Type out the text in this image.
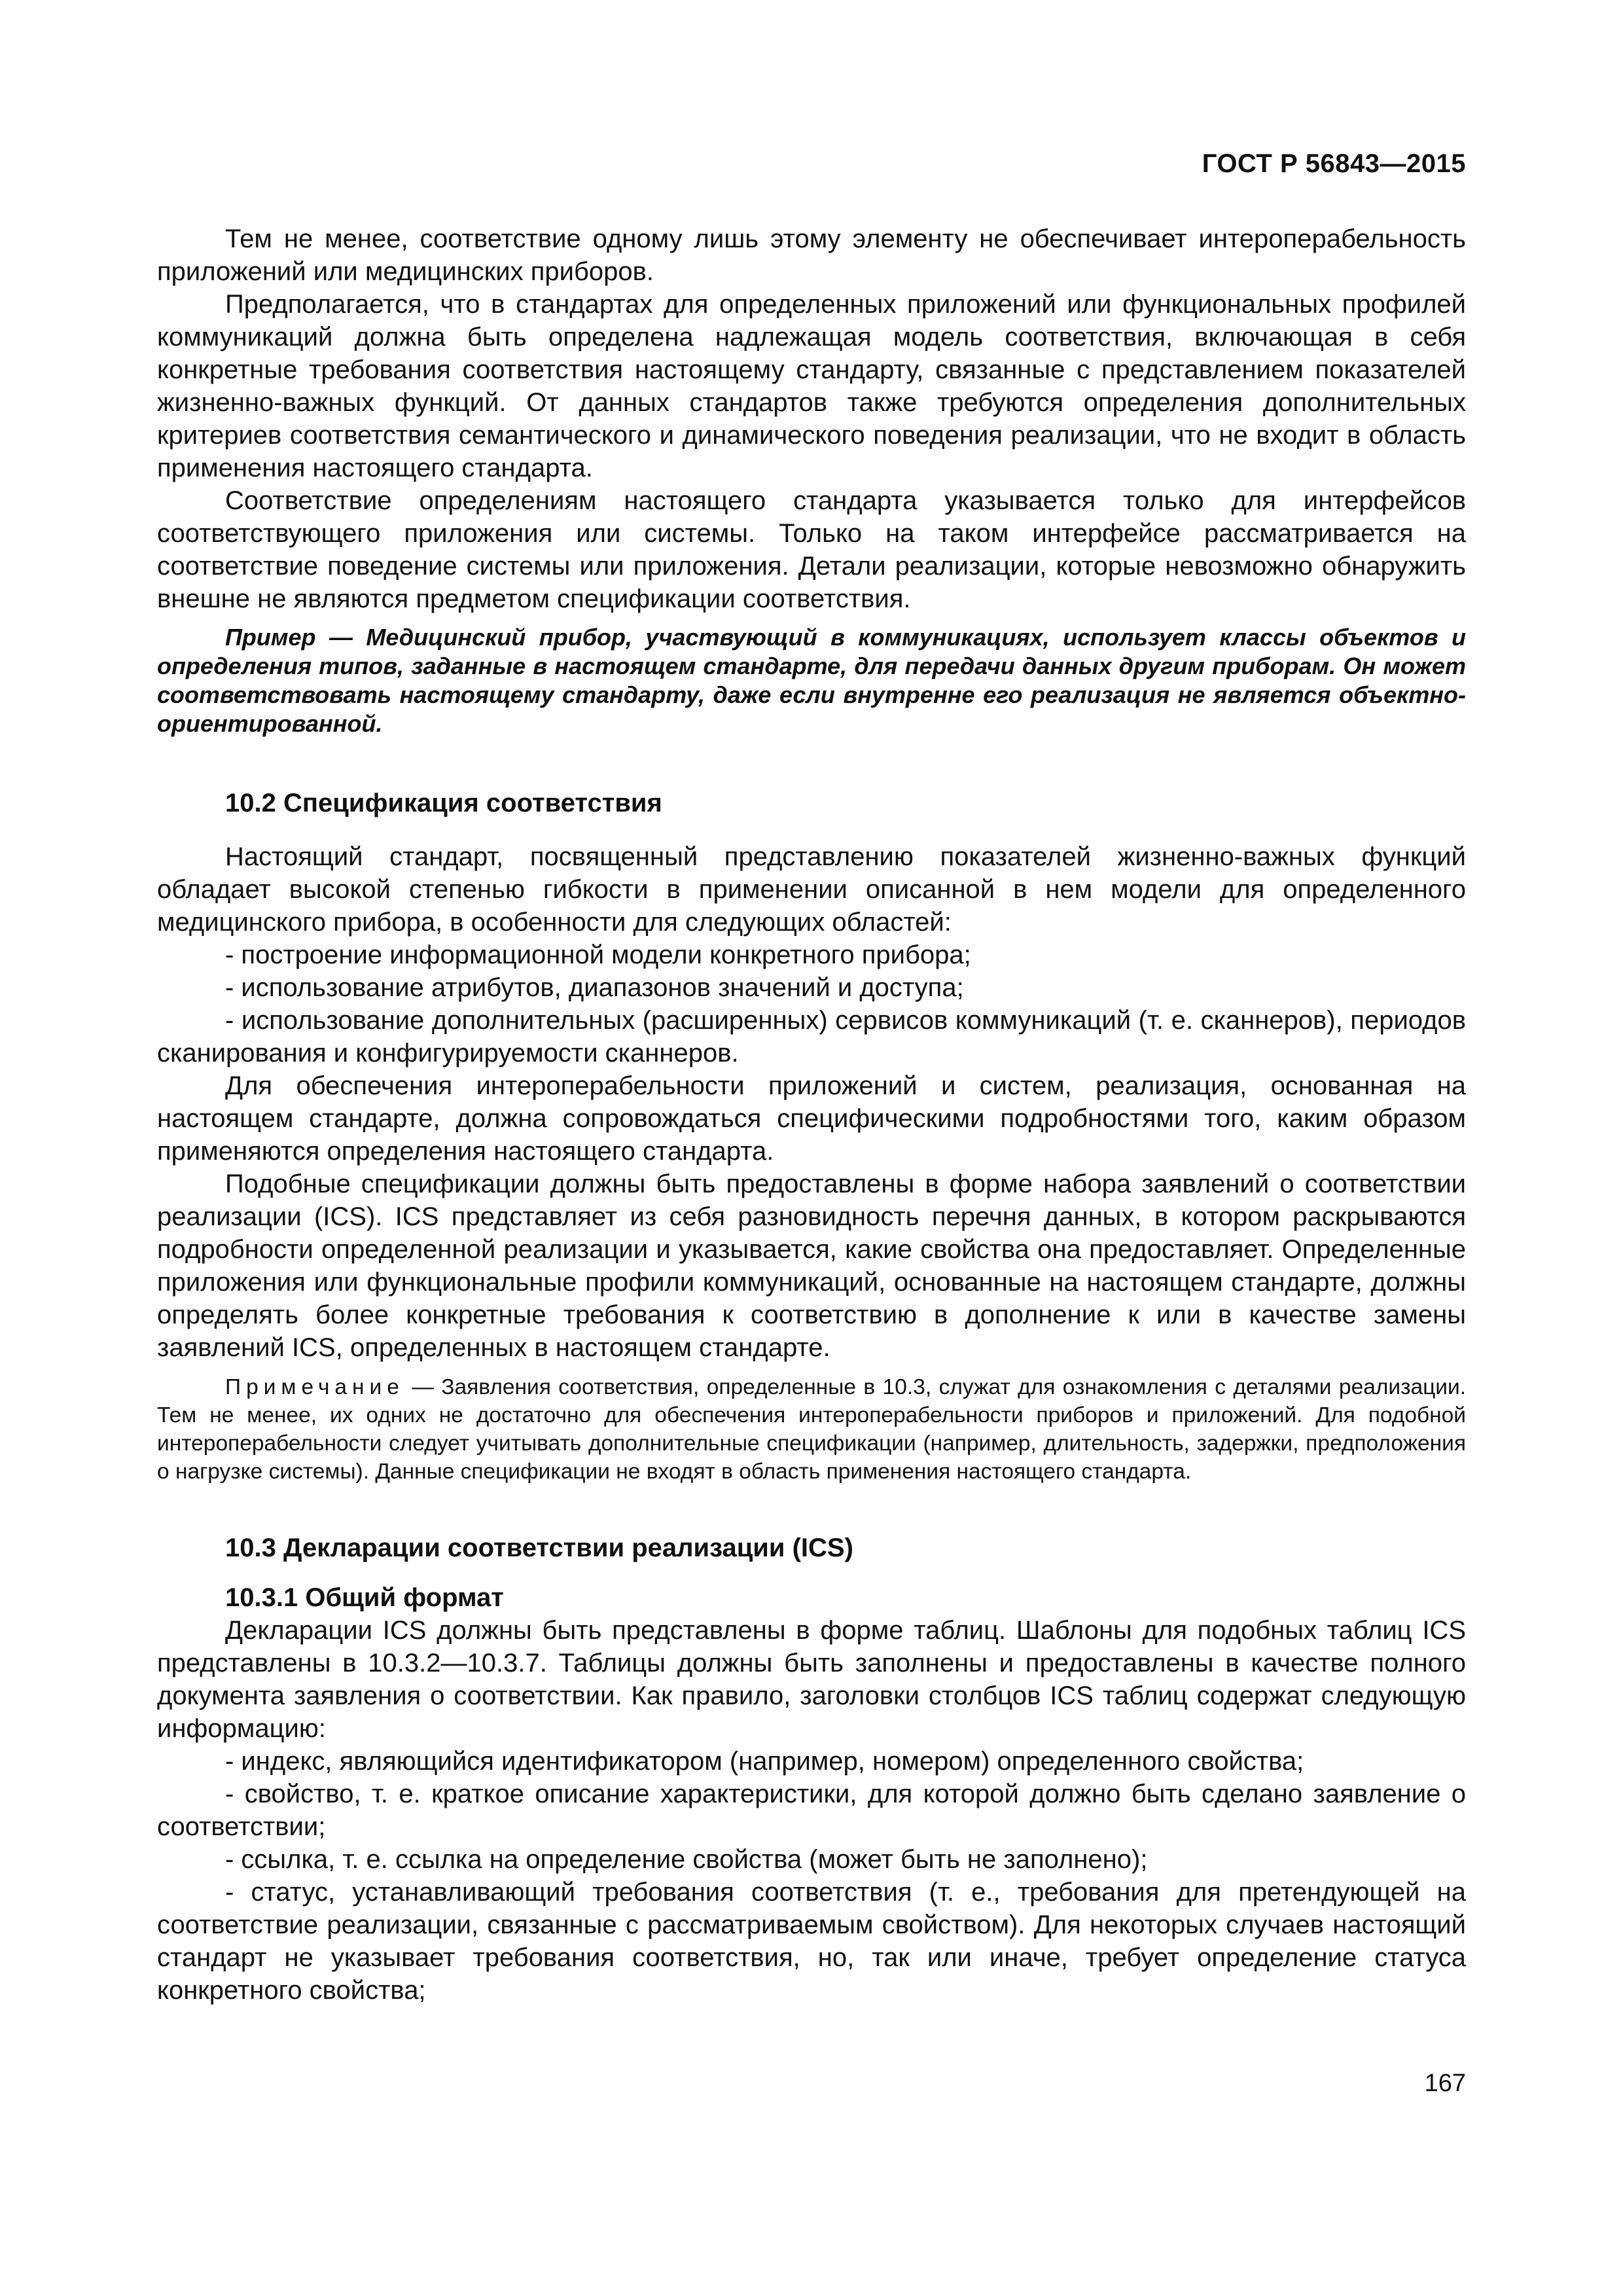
ГОСТ Р 56843—2015

Тем не менее, соответствие одному лишь этому элементу не обеспечивает интероперабельность приложений или медицинских приборов.

Предполагается, что в стандартах для определенных приложений или функциональных профилей коммуникаций должна быть определена надлежащая модель соответствия, включающая в себя конкретные требования соответствия настоящему стандарту, связанные с представлением показателей жизненно-важных функций. От данных стандартов также требуются определения дополнительных критериев соответствия семантического и динамического поведения реализации, что не входит в область применения настоящего стандарта.

Соответствие определениям настоящего стандарта указывается только для интерфейсов соответствующего приложения или системы. Только на таком интерфейсе рассматривается на соответствие поведение системы или приложения. Детали реализации, которые невозможно обнаружить внешне не являются предметом спецификации соответствия.

Пример — Медицинский прибор, участвующий в коммуникациях, использует классы объектов и определения типов, заданные в настоящем стандарте, для передачи данных другим приборам. Он может соответствовать настоящему стандарту, даже если внутренне его реализация не является объектно-ориентированной.

10.2 Спецификация соответствия

Настоящий стандарт, посвященный представлению показателей жизненно-важных функций обладает высокой степенью гибкости в применении описанной в нем модели для определенного медицинского прибора, в особенности для следующих областей:

- построение информационной модели конкретного прибора;

- использование атрибутов, диапазонов значений и доступа;

- использование дополнительных (расширенных) сервисов коммуникаций (т. е. сканнеров), периодов сканирования и конфигурируемости сканнеров.

Для обеспечения интероперабельности приложений и систем, реализация, основанная на настоящем стандарте, должна сопровождаться специфическими подробностями того, каким образом применяются определения настоящего стандарта.

Подобные спецификации должны быть предоставлены в форме набора заявлений о соответствии реализации (ICS). ICS представляет из себя разновидность перечня данных, в котором раскрываются подробности определенной реализации и указывается, какие свойства она предоставляет. Определенные приложения или функциональные профили коммуникаций, основанные на настоящем стандарте, должны определять более конкретные требования к соответствию в дополнение к или в качестве замены заявлений ICS, определенных в настоящем стандарте.

Примечание — Заявления соответствия, определенные в 10.3, служат для ознакомления с деталями реализации. Тем не менее, их одних не достаточно для обеспечения интероперабельности приборов и приложений. Для подобной интероперабельности следует учитывать дополнительные спецификации (например, длительность, задержки, предположения о нагрузке системы). Данные спецификации не входят в область применения настоящего стандарта.

10.3 Декларации соответствии реализации (ICS)
10.3.1 Общий формат

Декларации ICS должны быть представлены в форме таблиц. Шаблоны для подобных таблиц ICS представлены в 10.3.2—10.3.7. Таблицы должны быть заполнены и предоставлены в качестве полного документа заявления о соответствии. Как правило, заголовки столбцов ICS таблиц содержат следующую информацию:

- индекс, являющийся идентификатором (например, номером) определенного свойства;

- свойство, т. е. краткое описание характеристики, для которой должно быть сделано заявление о соответствии;

- ссылка, т. е. ссылка на определение свойства (может быть не заполнено);

- статус, устанавливающий требования соответствия (т. е., требования для претендующей на соответствие реализации, связанные с рассматриваемым свойством). Для некоторых случаев настоящий стандарт не указывает требования соответствия, но, так или иначе, требует определение статуса конкретного свойства;

167
